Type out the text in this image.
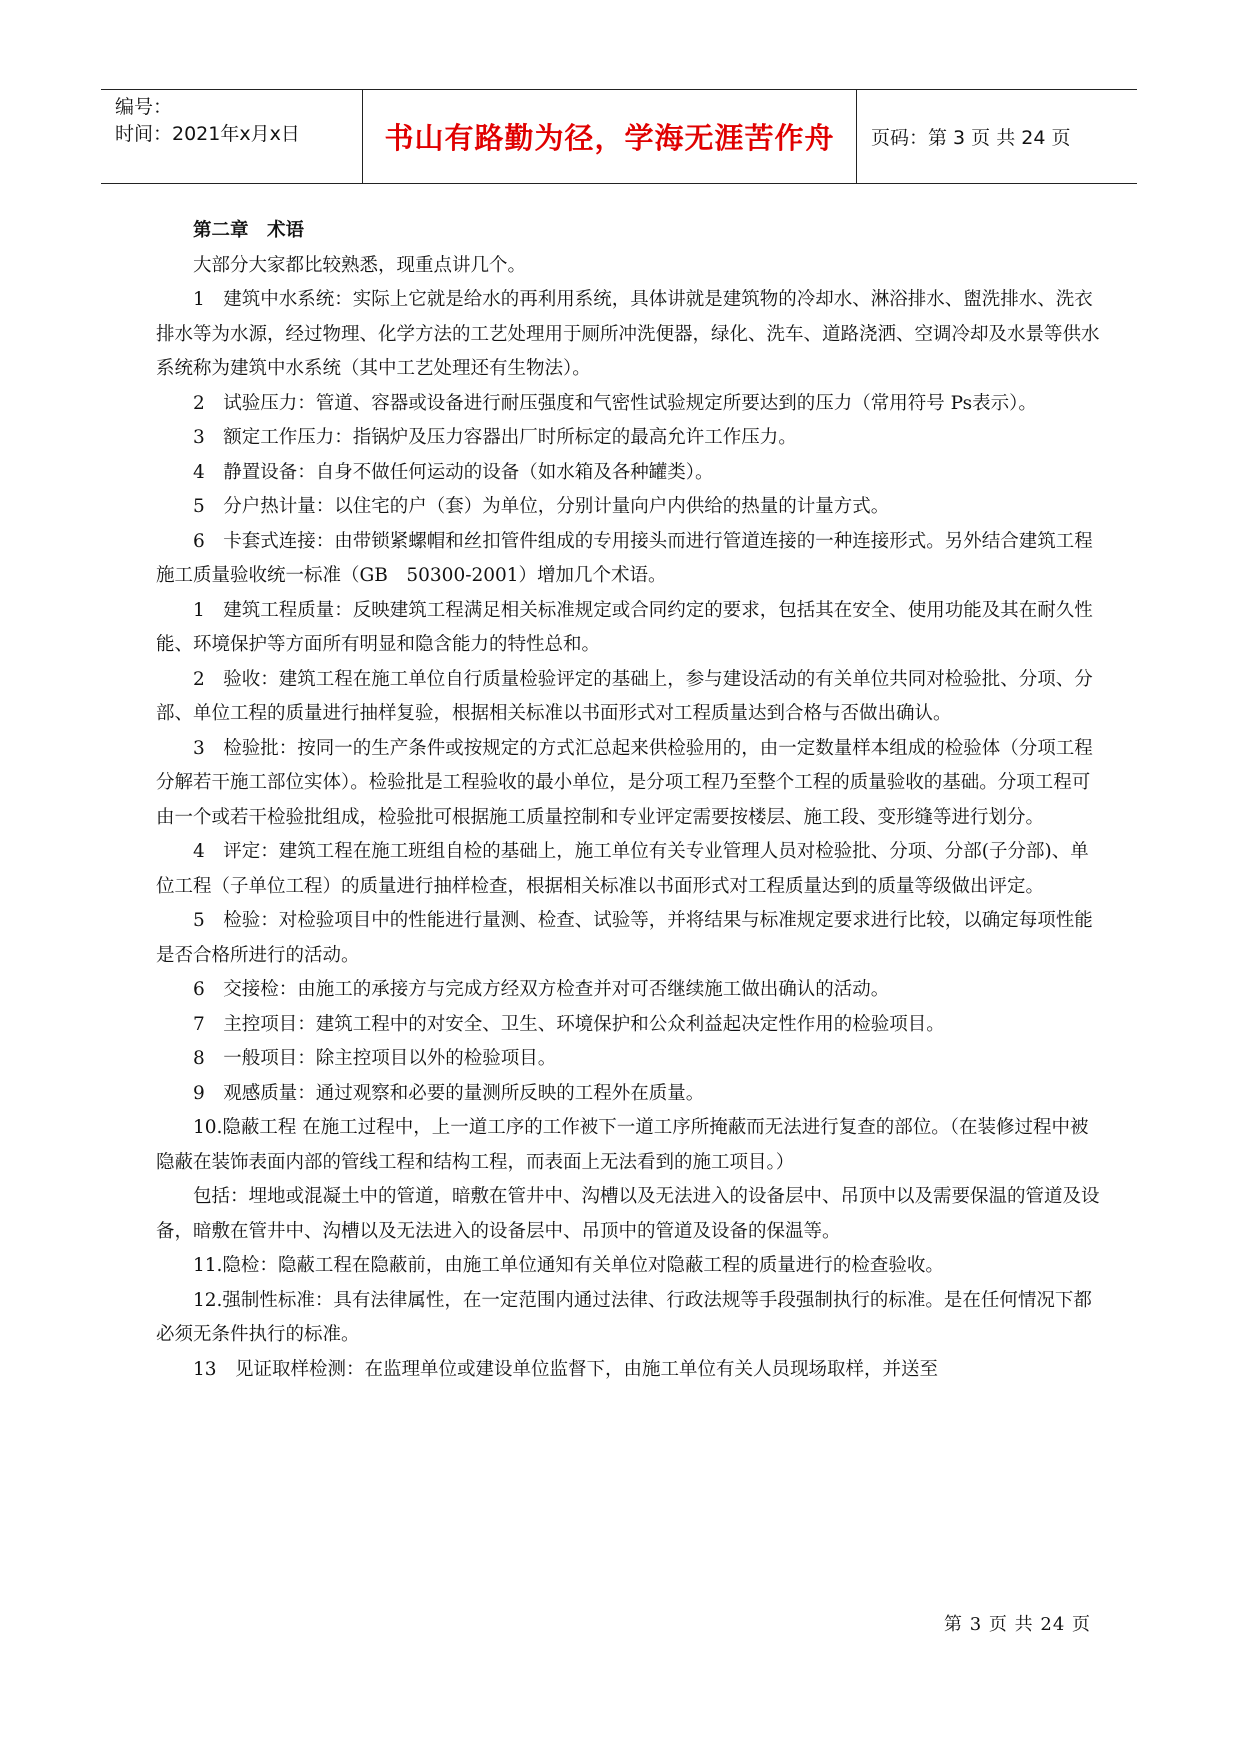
编号：
时间：2021年x月x日	书山有路勤为径，学海无涯苦作舟	页码：第 3 页 共 24 页

第二章　术语

大部分大家都比较熟悉，现重点讲几个。

1　建筑中水系统：实际上它就是给水的再利用系统，具体讲就是建筑物的冷却水、淋浴排水、盥洗排水、洗衣排水等为水源，经过物理、化学方法的工艺处理用于厕所冲洗便器，绿化、洗车、道路浇洒、空调冷却及水景等供水系统称为建筑中水系统（其中工艺处理还有生物法）。

2　试验压力：管道、容器或设备进行耐压强度和气密性试验规定所要达到的压力（常用符号 Ps表示）。

3　额定工作压力：指锅炉及压力容器出厂时所标定的最高允许工作压力。

4　静置设备：自身不做任何运动的设备（如水箱及各种罐类）。

5　分户热计量：以住宅的户（套）为单位，分别计量向户内供给的热量的计量方式。

6　卡套式连接：由带锁紧螺帽和丝扣管件组成的专用接头而进行管道连接的一种连接形式。另外结合建筑工程施工质量验收统一标准（GB　50300-2001）增加几个术语。

1　建筑工程质量：反映建筑工程满足相关标准规定或合同约定的要求，包括其在安全、使用功能及其在耐久性能、环境保护等方面所有明显和隐含能力的特性总和。

2　验收：建筑工程在施工单位自行质量检验评定的基础上，参与建设活动的有关单位共同对检验批、分项、分部、单位工程的质量进行抽样复验，根据相关标准以书面形式对工程质量达到合格与否做出确认。

3　检验批：按同一的生产条件或按规定的方式汇总起来供检验用的，由一定数量样本组成的检验体（分项工程分解若干施工部位实体）。检验批是工程验收的最小单位，是分项工程乃至整个工程的质量验收的基础。分项工程可由一个或若干检验批组成，检验批可根据施工质量控制和专业评定需要按楼层、施工段、变形缝等进行划分。

4　评定：建筑工程在施工班组自检的基础上，施工单位有关专业管理人员对检验批、分项、分部(子分部)、单位工程（子单位工程）的质量进行抽样检查，根据相关标准以书面形式对工程质量达到的质量等级做出评定。

5　检验：对检验项目中的性能进行量测、检查、试验等，并将结果与标准规定要求进行比较，以确定每项性能是否合格所进行的活动。

6　交接检：由施工的承接方与完成方经双方检查并对可否继续施工做出确认的活动。

7　主控项目：建筑工程中的对安全、卫生、环境保护和公众利益起决定性作用的检验项目。

8　一般项目：除主控项目以外的检验项目。

9　观感质量：通过观察和必要的量测所反映的工程外在质量。

10.隐蔽工程 在施工过程中，上一道工序的工作被下一道工序所掩蔽而无法进行复查的部位。（在装修过程中被隐蔽在装饰表面内部的管线工程和结构工程，而表面上无法看到的施工项目。）

包括：埋地或混凝土中的管道，暗敷在管井中、沟槽以及无法进入的设备层中、吊顶中以及需要保温的管道及设备，暗敷在管井中、沟槽以及无法进入的设备层中、吊顶中的管道及设备的保温等。

11.隐检：隐蔽工程在隐蔽前，由施工单位通知有关单位对隐蔽工程的质量进行的检查验收。

12.强制性标准：具有法律属性，在一定范围内通过法律、行政法规等手段强制执行的标准。是在任何情况下都必须无条件执行的标准。

13　见证取样检测：在监理单位或建设单位监督下，由施工单位有关人员现场取样，并送至

第 3 页 共 24 页
